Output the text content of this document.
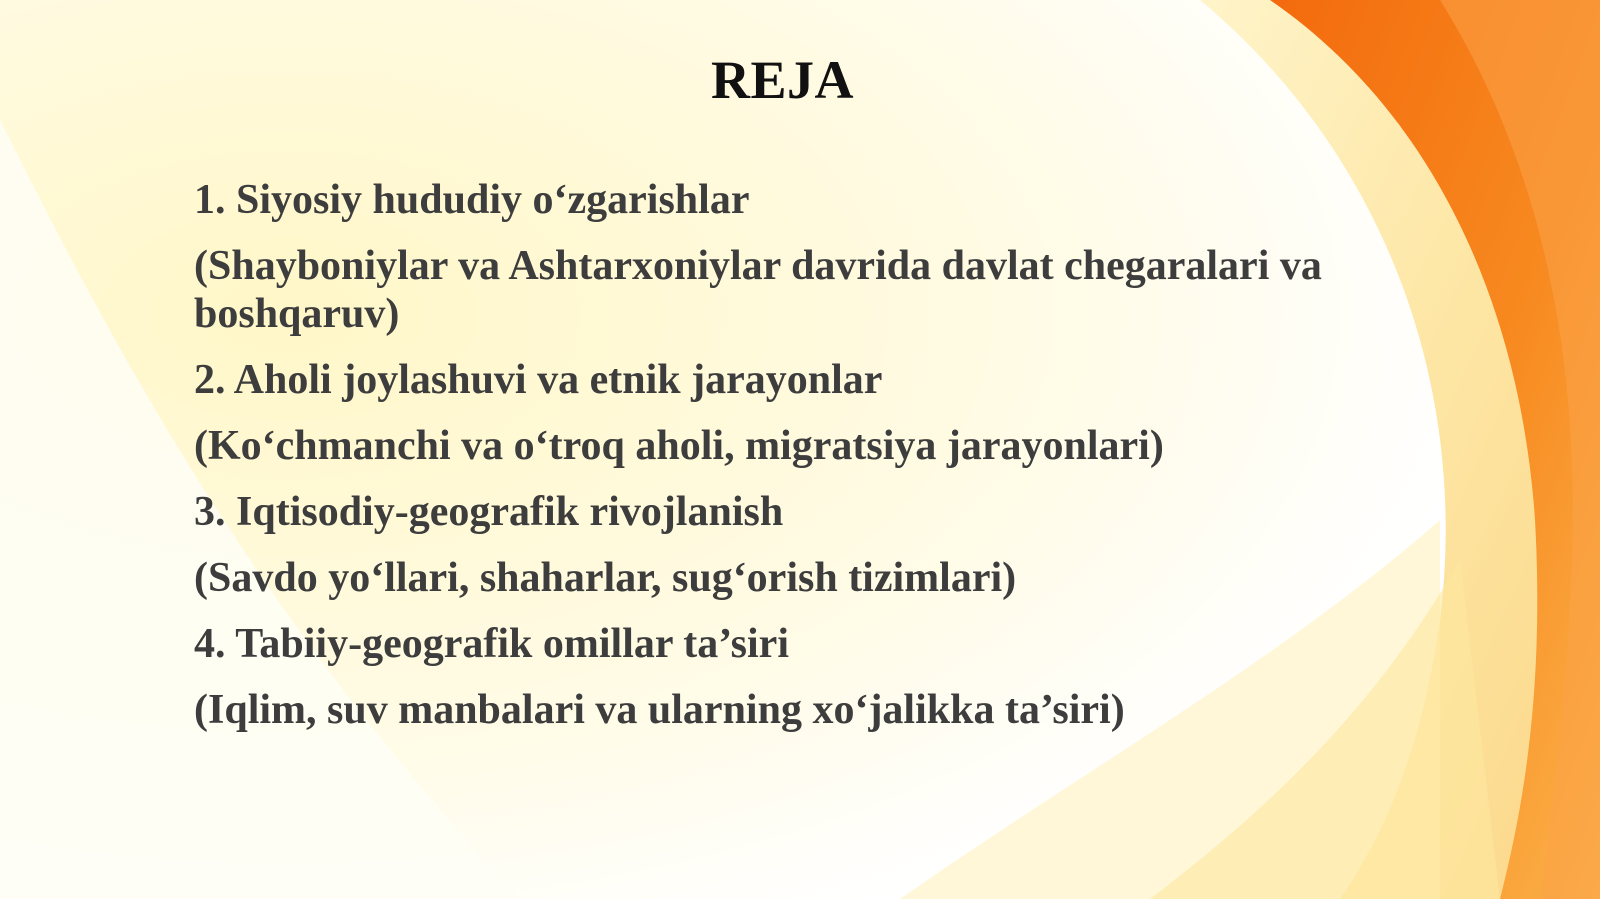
REJA
1. Siyosiy hududiy o‘zgarishlar
(Shayboniylar va Ashtarxoniylar davrida davlat chegaralari va boshqaruv)
2. Aholi joylashuvi va etnik jarayonlar
(Ko‘chmanchi va o‘troq aholi, migratsiya jarayonlari)
3. Iqtisodiy-geografik rivojlanish
(Savdo yo‘llari, shaharlar, sug‘orish tizimlari)
4. Tabiiy-geografik omillar ta’siri
(Iqlim, suv manbalari va ularning xo‘jalikka ta’siri)
